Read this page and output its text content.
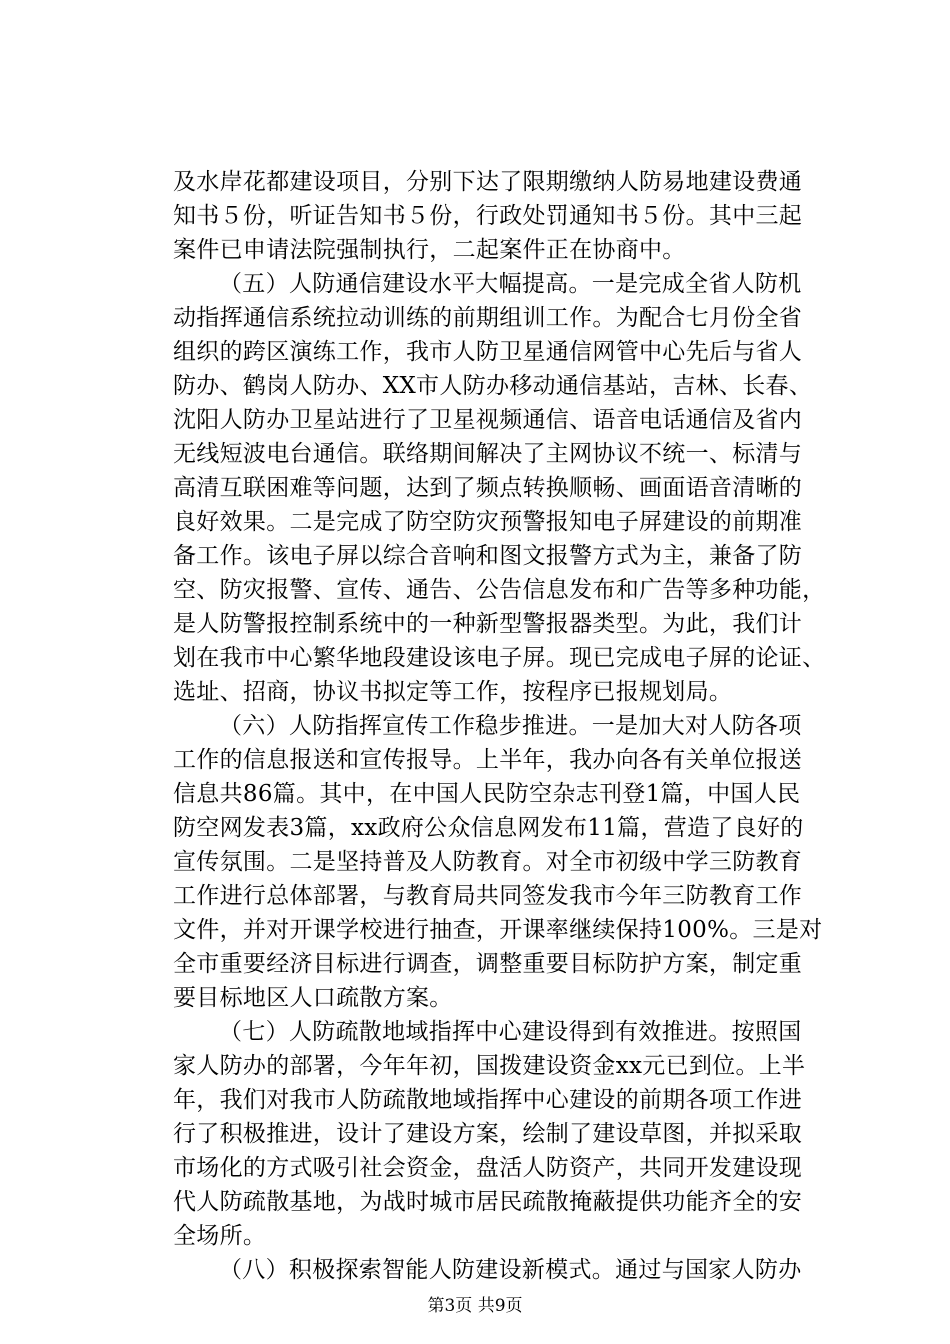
及水岸花都建设项目，分别下达了限期缴纳人防易地建设费通
知书５份，听证告知书５份，行政处罚通知书５份。其中三起
案件已申请法院强制执行，二起案件正在协商中。
（五）人防通信建设水平大幅提高。一是完成全省人防机
动指挥通信系统拉动训练的前期组训工作。为配合七月份全省
组织的跨区演练工作，我市人防卫星通信网管中心先后与省人
防办、鹤岗人防办、XX市人防办移动通信基站，吉林、长春、
沈阳人防办卫星站进行了卫星视频通信、语音电话通信及省内
无线短波电台通信。联络期间解决了主网协议不统一、标清与
高清互联困难等问题，达到了频点转换顺畅、画面语音清晰的
良好效果。二是完成了防空防灾预警报知电子屏建设的前期准
备工作。该电子屏以综合音响和图文报警方式为主，兼备了防
空、防灾报警、宣传、通告、公告信息发布和广告等多种功能，
是人防警报控制系统中的一种新型警报器类型。为此，我们计
划在我市中心繁华地段建设该电子屏。现已完成电子屏的论证、
选址、招商，协议书拟定等工作，按程序已报规划局。
（六）人防指挥宣传工作稳步推进。一是加大对人防各项
工作的信息报送和宣传报导。上半年，我办向各有关单位报送
信息共86篇。其中，在中国人民防空杂志刊登1篇，中国人民
防空网发表3篇，xx政府公众信息网发布11篇，营造了良好的
宣传氛围。二是坚持普及人防教育。对全市初级中学三防教育
工作进行总体部署，与教育局共同签发我市今年三防教育工作
文件，并对开课学校进行抽查，开课率继续保持100%。三是对
全市重要经济目标进行调查，调整重要目标防护方案，制定重
要目标地区人口疏散方案。
（七）人防疏散地域指挥中心建设得到有效推进。按照国
家人防办的部署，今年年初，国拨建设资金xx元已到位。上半
年，我们对我市人防疏散地域指挥中心建设的前期各项工作进
行了积极推进，设计了建设方案，绘制了建设草图，并拟采取
市场化的方式吸引社会资金，盘活人防资产，共同开发建设现
代人防疏散基地，为战时城市居民疏散掩蔽提供功能齐全的安
全场所。
（八）积极探索智能人防建设新模式。通过与国家人防办
第3页 共9页
